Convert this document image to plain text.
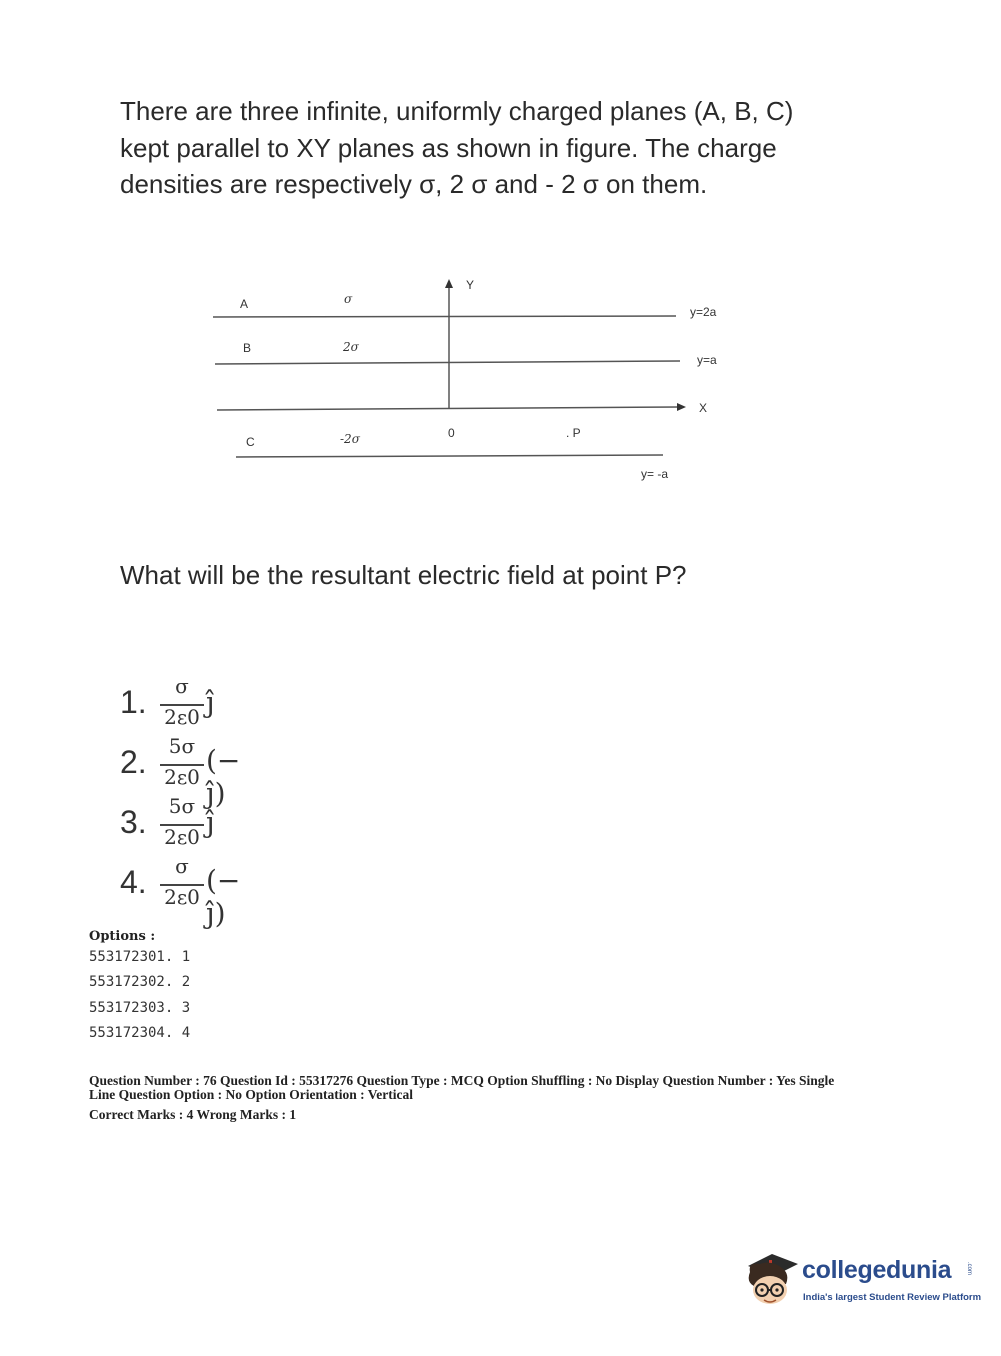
There are three infinite, uniformly charged planes (A, B, C) kept parallel to XY planes as shown in figure. The charge densities are respectively σ, 2 σ and - 2 σ on them.
A	σ
Y
y=2a
B	2σ
y=a
X
C	-2σ	0	. P
y= -a
What will be the resultant electric field at point P?
1.	σ
2ε0 ĵ
2.	5σ
2ε0 (− ĵ)
3.	5σ
2ε0 ĵ
4.	σ
2ε0 (− ĵ)
Options :
553172301. 1
553172302. 2
553172303. 3
553172304. 4
Question Number : 76 Question Id : 55317276 Question Type : MCQ Option Shuffling : No Display Question Number : Yes Single
Line Question Option : No Option Orientation : Vertical
Correct Marks : 4 Wrong Marks : 1
collegedunia .com
India's largest Student Review Platform
